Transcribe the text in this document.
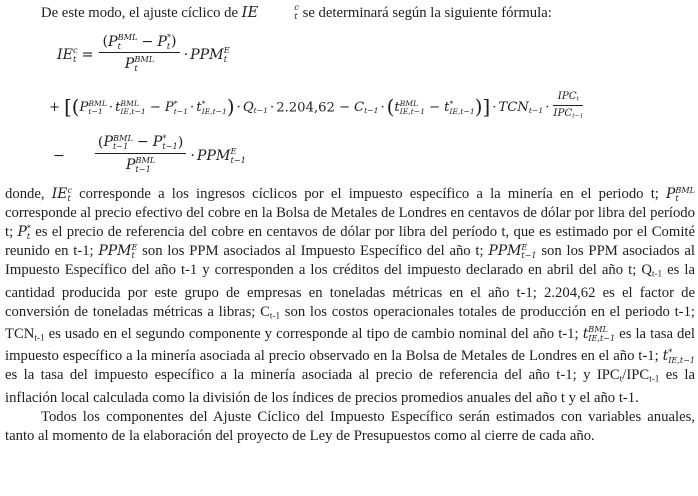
De este modo, el ajuste cíclico de IE	c
t se determinará según la siguiente fórmula:

IE c
t = (P BML
t	− P *
t )
P BML
t · PPM E
t
+ [(P BML
t−1 · t BML
IE,t−1 − P *
t−1 · t *
IE,t−1 ) · Qt−1 · 2.204,62 − Ct−1 · (t BML
IE,t−1 − t *
IE,t−1 )] · TCNt−1 · $\frac{\text{IPCt}}{\text{IPCt−1}}$
− (P BML
t−1 − P *
t−1 )
P BML
t−1 · PPM E
t−1

donde, IE c
t corresponde a los ingresos cíclicos por el impuesto específico a la minería en el periodo t; P BML
t
corresponde al precio efectivo del cobre en la Bolsa de Metales de Londres en centavos de dólar por libra del período t; P *
t es el precio de referencia del cobre en centavos de dólar por libra del período t, que es estimado por el Comité reunido en t-1; PPM E
t son los PPM asociados al Impuesto Específico del año t; PPM E
t−1 son los PPM asociados al Impuesto Específico del año t-1 y corresponden a los créditos del impuesto declarado en abril del año t; Qt-1 es la cantidad producida por este grupo de empresas en toneladas métricas en el año t-1; 2.204,62 es el factor de conversión de toneladas métricas a libras; Ct-1 son los costos operacionales totales de producción en el periodo t-1; TCNt-1 es usado en el segundo componente y corresponde al tipo de cambio nominal del año t-1; t BML
IE,t−1 es la tasa del impuesto específico a la minería asociada al precio observado en la Bolsa de Metales de Londres en el año t-1; t *
IE,t−1
es la tasa del impuesto específico a la minería asociada al precio de referencia del año t-1; y IPCt/IPCt-1 es la inflación local calculada como la división de los índices de precios promedios anuales del año t y el año t-1.

Todos los componentes del Ajuste Cíclico del Impuesto Específico serán estimados con variables anuales, tanto al momento de la elaboración del proyecto de Ley de Presupuestos como al cierre de cada año.
